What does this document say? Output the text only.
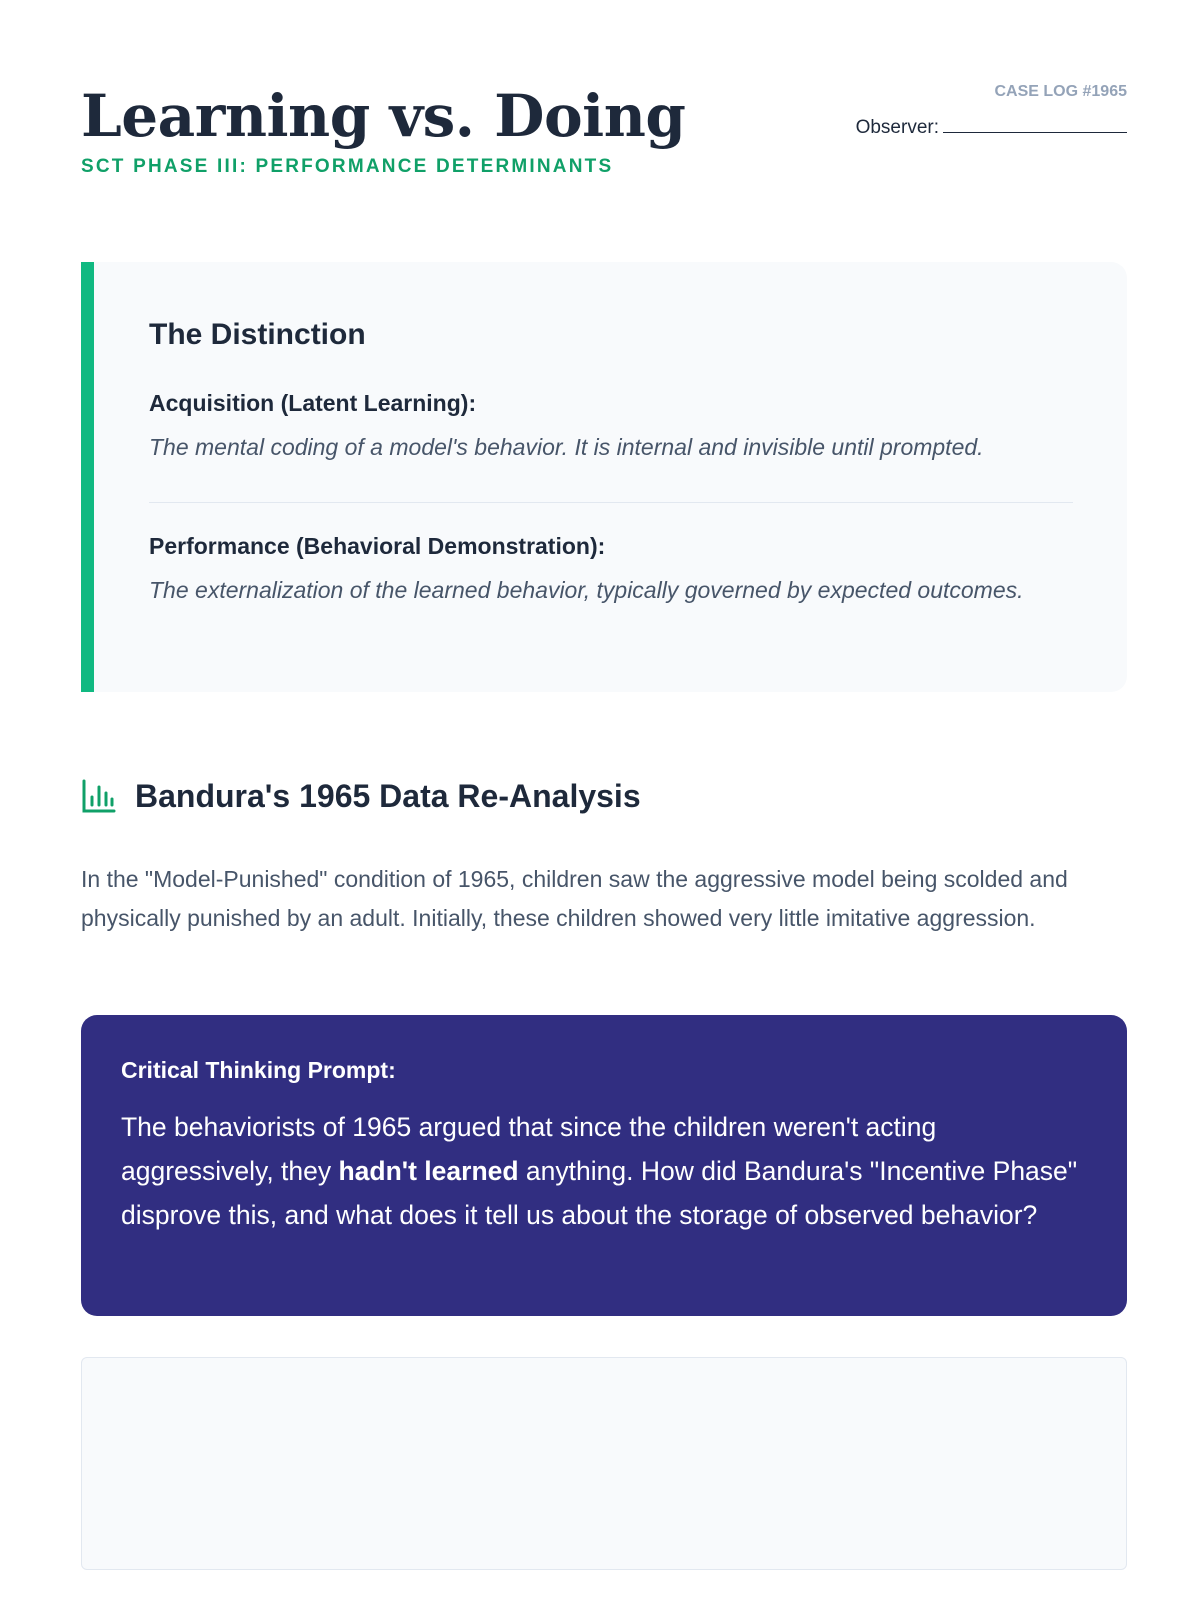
Learning vs. Doing
SCT PHASE III: PERFORMANCE DETERMINANTS
CASE LOG #1965
Observer:
The Distinction
Acquisition (Latent Learning):
The mental coding of a model's behavior. It is internal and invisible until prompted.
Performance (Behavioral Demonstration):
The externalization of the learned behavior, typically governed by expected outcomes.
Bandura's 1965 Data Re-Analysis

In the "Model-Punished" condition of 1965, children saw the aggressive model being scolded and physically punished by an adult. Initially, these children showed very little imitative aggression.

Critical Thinking Prompt:

The behaviorists of 1965 argued that since the children weren't acting aggressively, they hadn't learned anything. How did Bandura's "Incentive Phase" disprove this, and what does it tell us about the storage of observed behavior?
